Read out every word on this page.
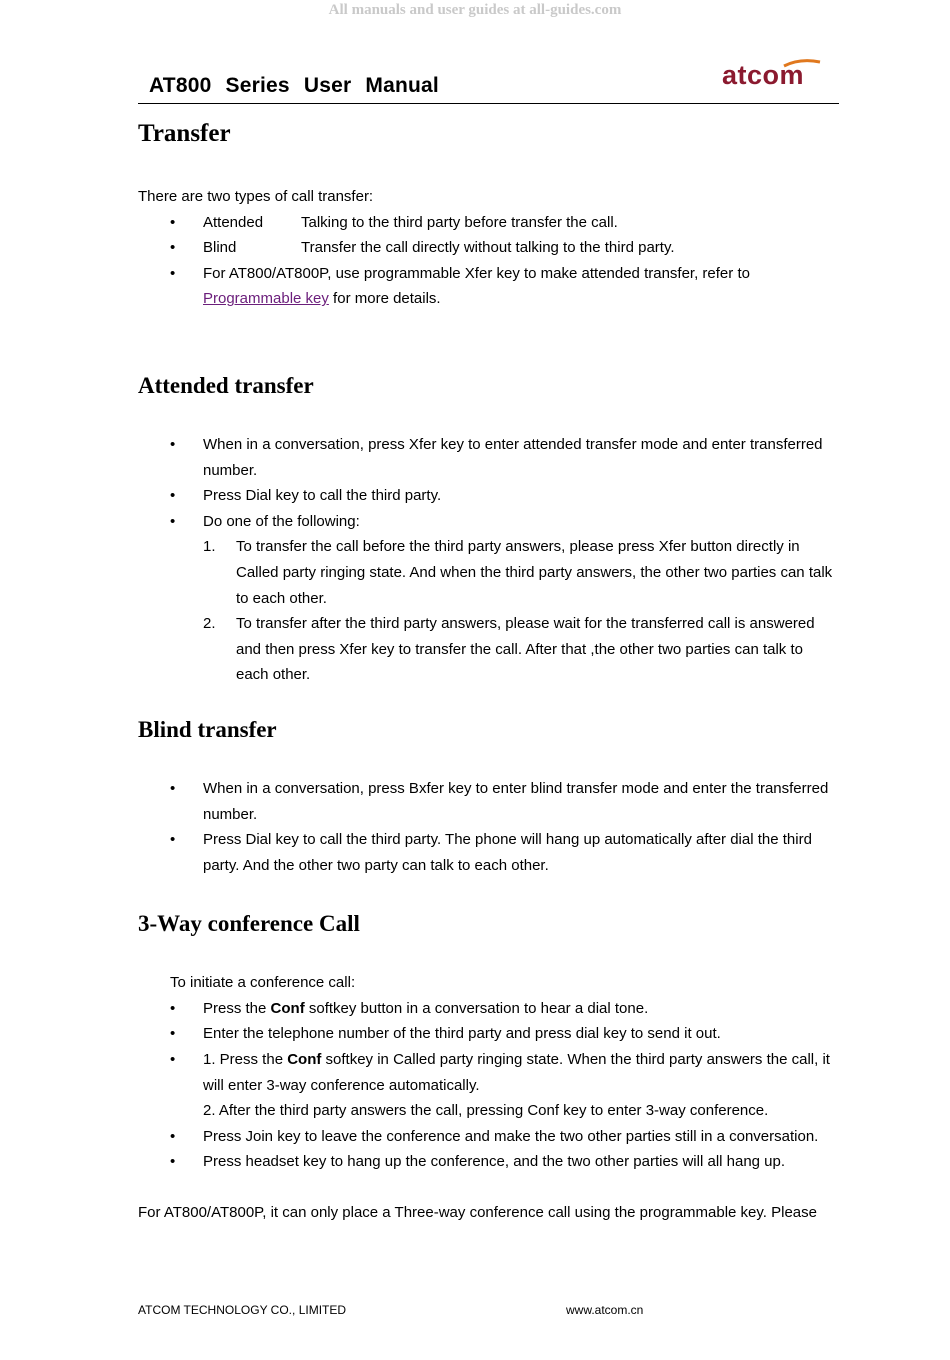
All manuals and user guides at all-guides.com
AT800 Series User Manual	atcom
Transfer

There are two types of call transfer:

• Attended	Talking to the third party before transfer the call.
• Blind	Transfer the call directly without talking to the third party.
• For AT800/AT800P, use programmable Xfer key to make attended transfer, refer to Programmable key for more details.
Attended transfer
• When in a conversation, press Xfer key to enter attended transfer mode and enter transferred number.
• Press Dial key to call the third party.
• Do one of the following:
1. To transfer the call before the third party answers, please press Xfer button directly in Called party ringing state. And when the third party answers, the other two parties can talk to each other.
2. To transfer after the third party answers, please wait for the transferred call is answered and then press Xfer key to transfer the call. After that ,the other two parties can talk to each other.
Blind transfer
• When in a conversation, press Bxfer key to enter blind transfer mode and enter the transferred number.
• Press Dial key to call the third party. The phone will hang up automatically after dial the third party. And the other two party can talk to each other.
3-Way conference Call

To initiate a conference call:

• Press the Conf softkey button in a conversation to hear a dial tone.
• Enter the telephone number of the third party and press dial key to send it out.
• 1. Press the Conf softkey in Called party ringing state. When the third party answers the call, it will enter 3-way conference automatically.

2. After the third party answers the call, pressing Conf key to enter 3-way conference.

• Press Join key to leave the conference and make the two other parties still in a conversation.
• Press headset key to hang up the conference, and the two other parties will all hang up.

For AT800/AT800P, it can only place a Three-way conference call using the programmable key. Please

ATCOM TECHNOLOGY CO., LIMITED	www.atcom.cn
